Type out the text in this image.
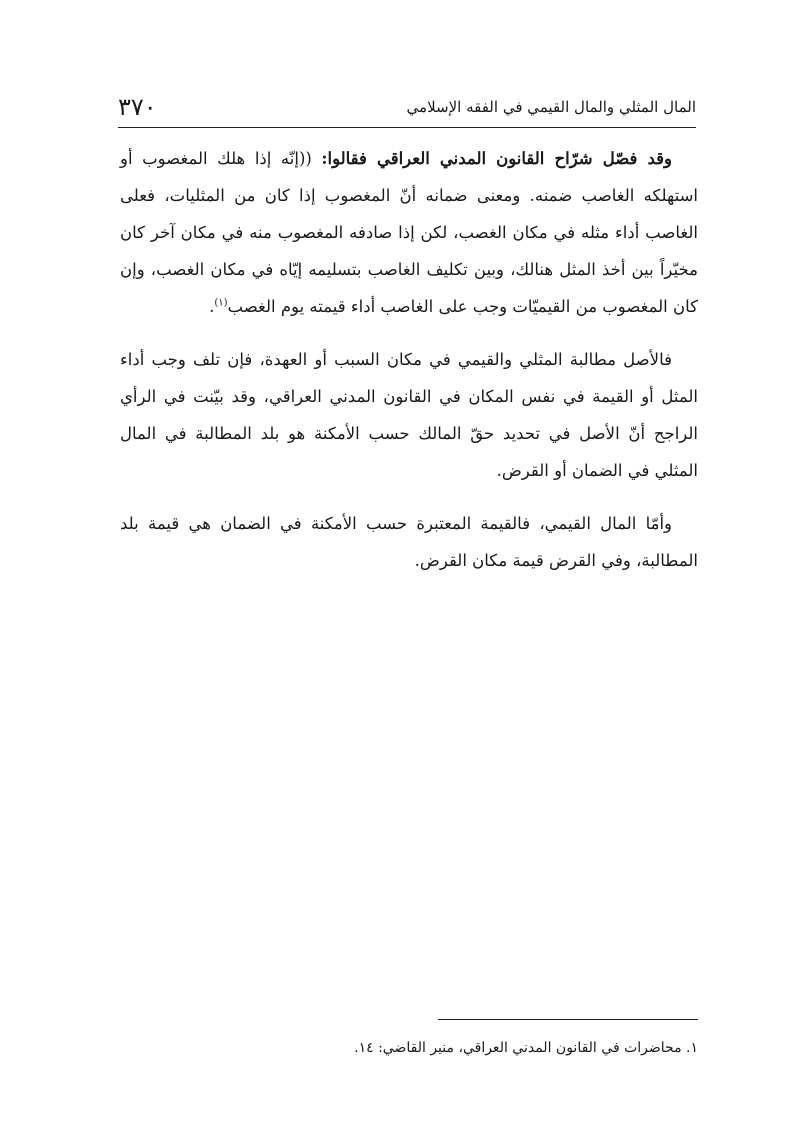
٣٧٠	المال المثلي والمال القيمي في الفقه الإسلامي

وقد فصّل شرّاح القانون المدني العراقي فقالوا: ((إنّه إذا هلك المغصوب أو استهلكه الغاصب ضمنه. ومعنى ضمانه أنّ المغصوب إذا كان من المثليات، فعلى الغاصب أداء مثله في مكان الغصب، لكن إذا صادفه المغصوب منه في مكان آخر كان مخيّراً بين أخذ المثل هنالك، وبين تكليف الغاصب بتسليمه إيّاه في مكان الغصب، وإن كان المغصوب من القيميّات وجب على الغاصب أداء قيمته يوم الغصب$^{(١)}$.

فالأصل مطالبة المثلي والقيمي في مكان السبب أو العهدة، فإن تلف وجب أداء المثل أو القيمة في نفس المكان في القانون المدني العراقي، وقد بيّنت في الرأي الراجح أنّ الأصل في تحديد حقّ المالك حسب الأمكنة هو بلد المطالبة في المال المثلي في الضمان أو القرض.

وأمّا المال القيمي، فالقيمة المعتبرة حسب الأمكنة في الضمان هي قيمة بلد المطالبة، وفي القرض قيمة مكان القرض.

١. محاضرات في القانون المدني العراقي، منير القاضي: ١٤.
